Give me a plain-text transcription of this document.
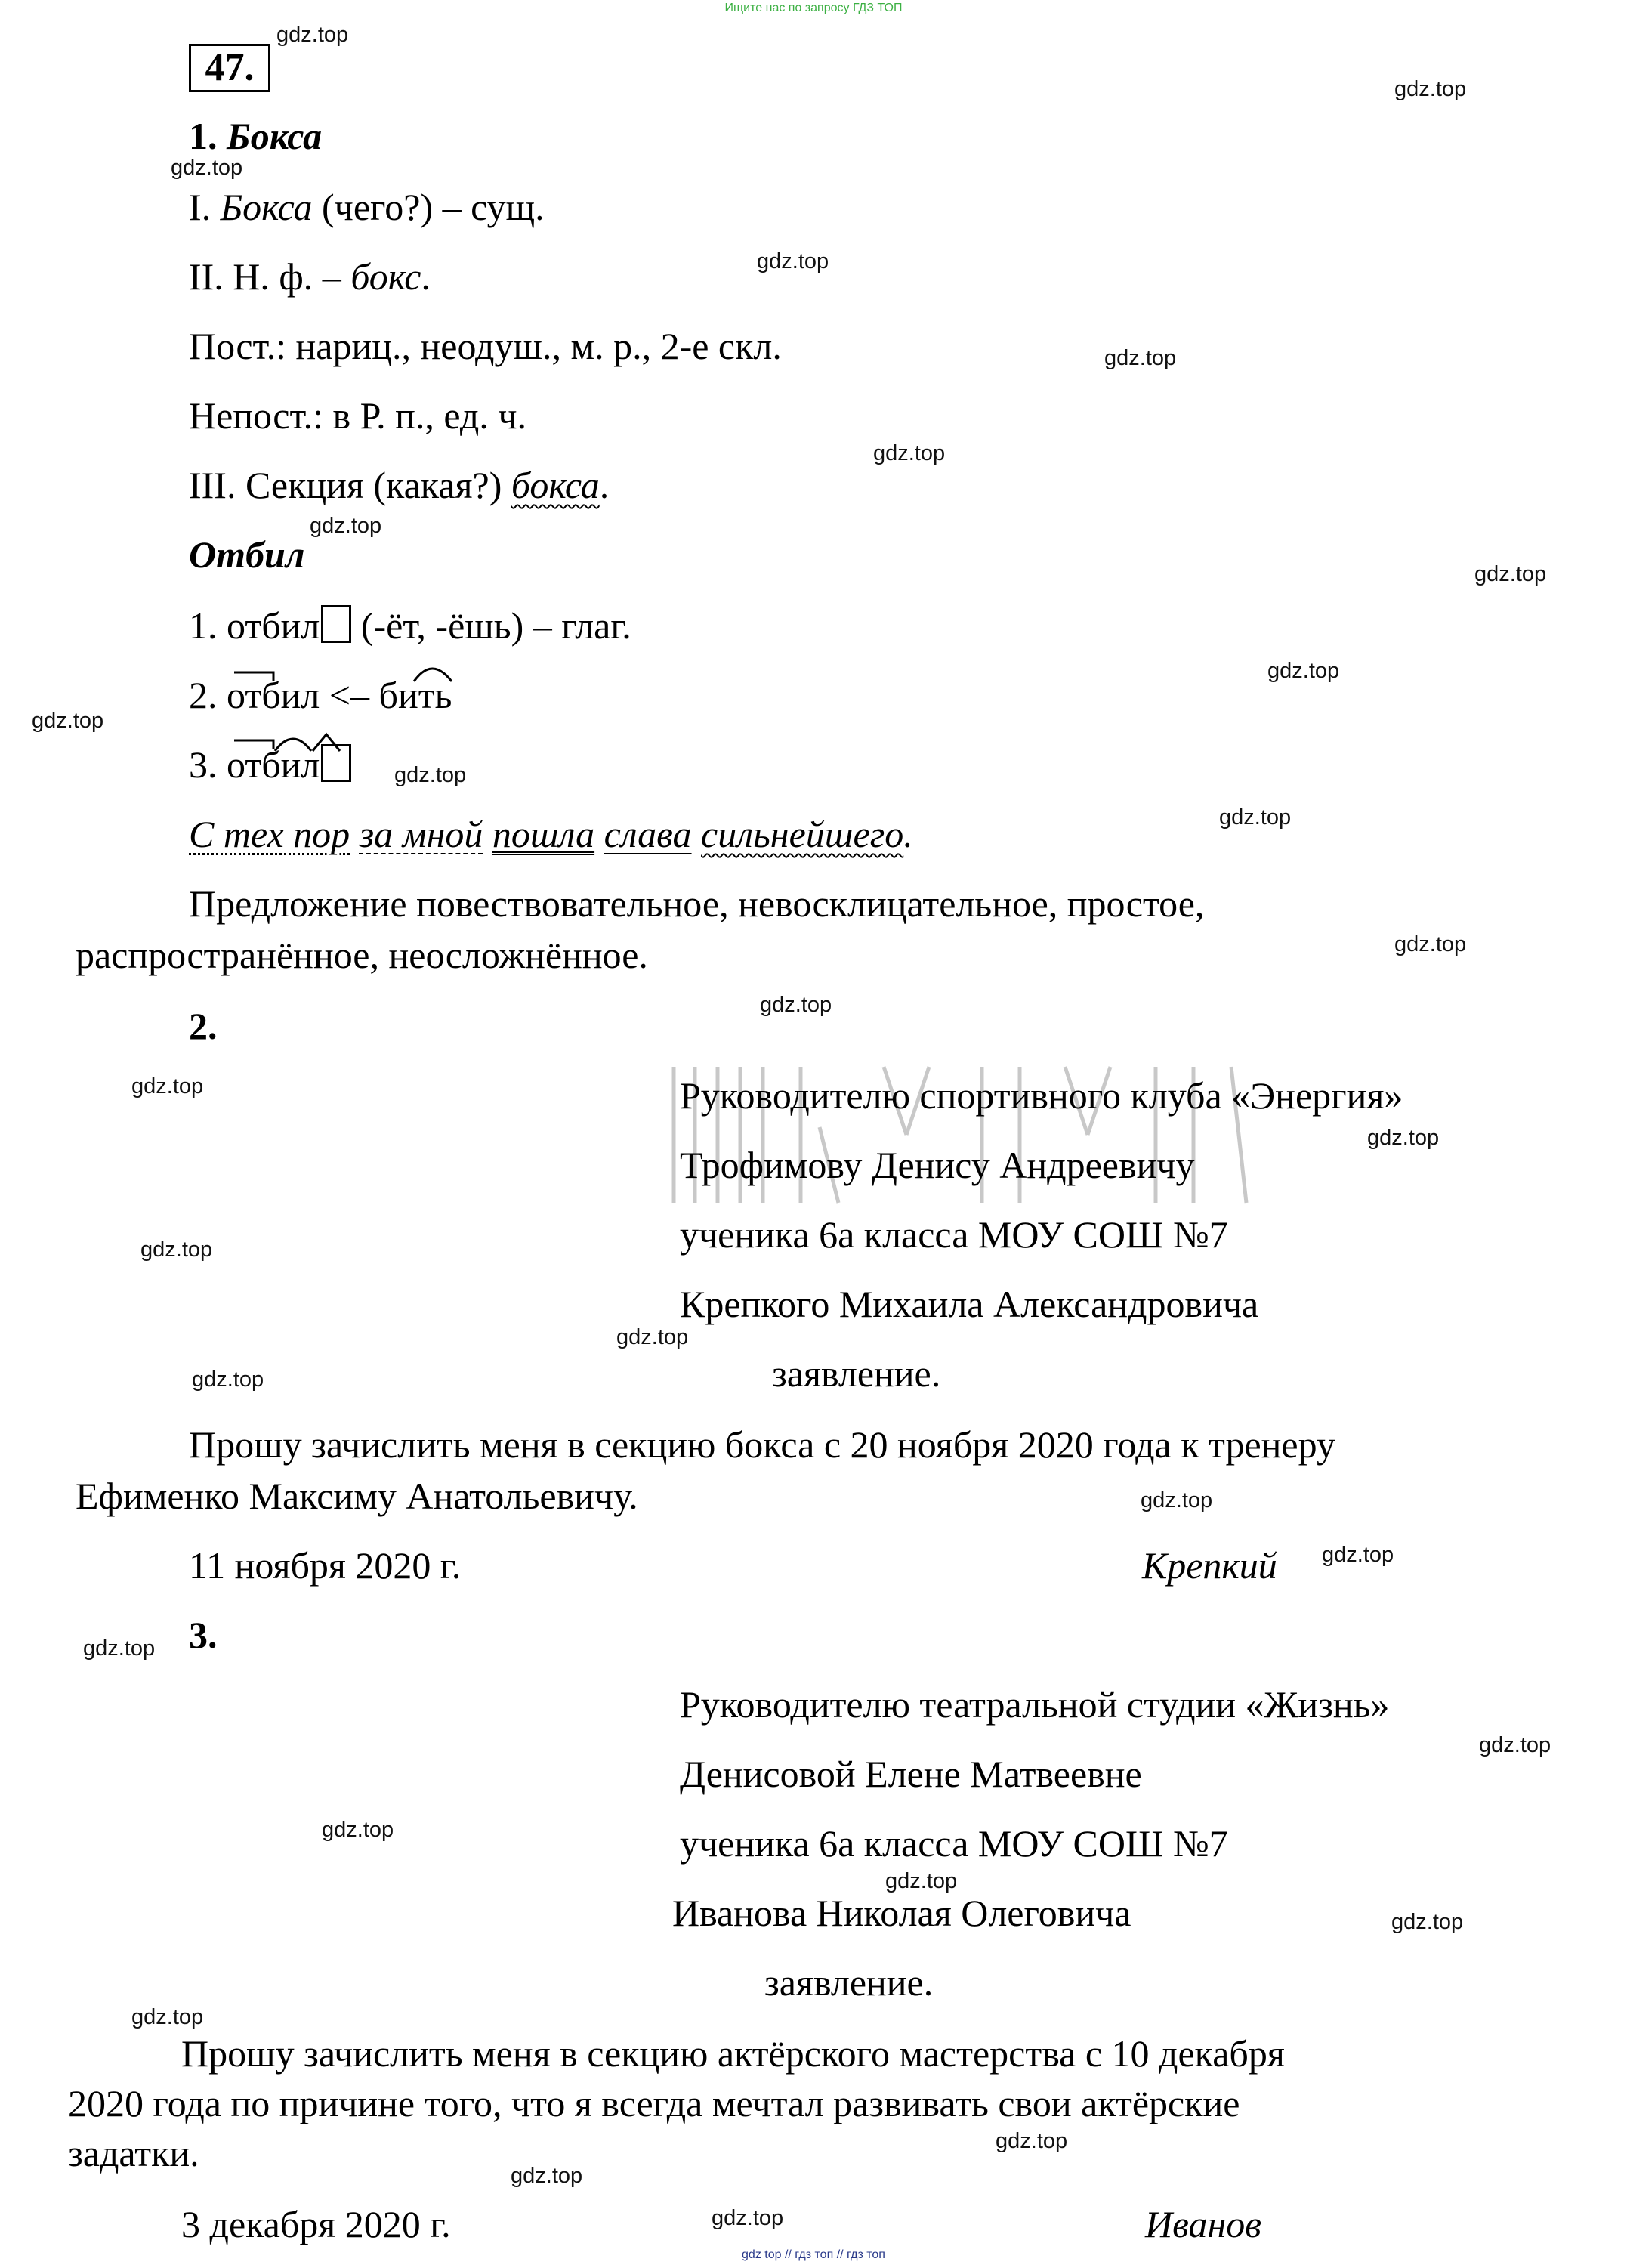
Ищите нас по запросу ГДЗ ТОП
47.
1. Бокса
I. Бокса (чего?) – сущ.
II. Н. ф. – бокс.
Пост.: нариц., неодуш., м. р., 2-е скл.
Непост.: в Р. п., ед. ч.
III. Секция (какая?) бокса.
Отбил
1. отбил (-ёт, -ёшь) – глаг.
2. отбил <– бить
3. отбил
С тех пор за мной пошла слава сильнейшего.
Предложение повествовательное, невосклицательное, простое,
распространённое, неосложнённое.
2.
Руководителю спортивного клуба «Энергия»
Трофимову Денису Андреевичу
ученика 6а класса МОУ СОШ №7
Крепкого Михаила Александровича
заявление.
Прошу зачислить меня в секцию бокса с 20 ноября 2020 года к тренеру
Ефименко Максиму Анатольевичу.
11 ноября 2020 г.	Крепкий
3.
Руководителю театральной студии «Жизнь»
Денисовой Елене Матвеевне
ученика 6а класса МОУ СОШ №7
Иванова Николая Олеговича
заявление.
Прошу зачислить меня в секцию актёрского мастерства с 10 декабря
2020 года по причине того, что я всегда мечтал развивать свои актёрские
задатки.
3 декабря 2020 г.	Иванов
gdz.top
gdz.top
gdz.top
gdz.top
gdz.top
gdz.top
gdz.top
gdz.top
gdz.top
gdz.top
gdz.top
gdz.top
gdz.top
gdz.top
gdz.top
gdz.top
gdz.top
gdz.top
gdz.top
gdz.top
gdz.top
gdz.top
gdz.top
gdz.top
gdz.top
gdz.top
gdz.top
gdz.top
gdz.top
gdz.top
gdz top // гдз топ // гдз топ
